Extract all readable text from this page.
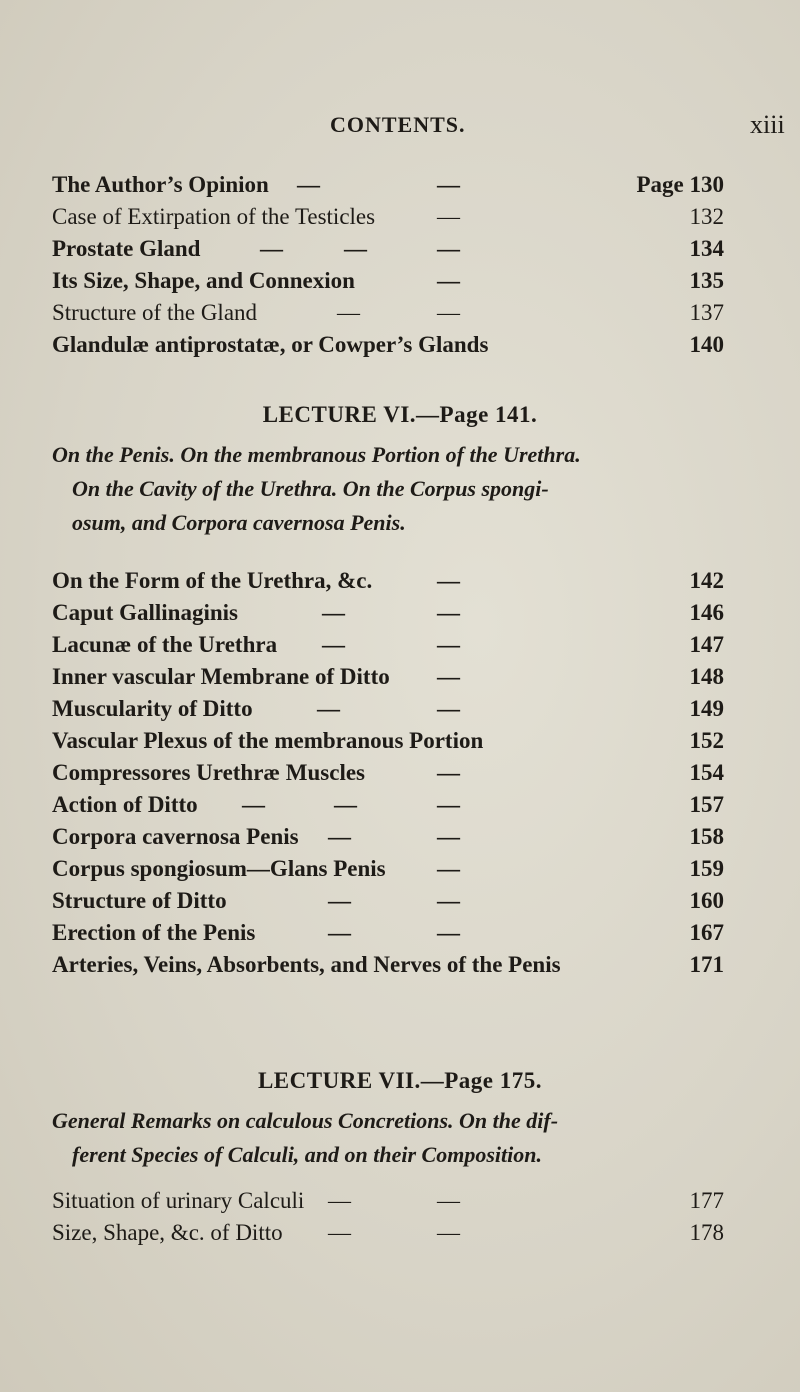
CONTENTS.	xiii
The Author’s Opinion —	—	Page 130
Case of Extirpation of the Testicles	—	132
Prostate Gland	—	—	—	134
Its Size, Shape, and Connexion	—	135
Structure of the Gland	—	—	137
Glandulæ antiprostatæ, or Cowper’s Glands	140
LECTURE VI.—Page 141.
On the Penis. On the membranous Portion of the Urethra.
On the Cavity of the Urethra. On the Corpus spongi-
osum, and Corpora cavernosa Penis.
On the Form of the Urethra, &c.	—	142
Caput Gallinaginis	—	—	146
Lacunæ of the Urethra —	—	147
Inner vascular Membrane of Ditto —	148
Muscularity of Ditto	—	—	149
Vascular Plexus of the membranous Portion	152
Compressores Urethræ Muscles	—	154
Action of Ditto —	—	—	157
Corpora cavernosa Penis —	—	158
Corpus spongiosum—Glans Penis —	159
Structure of Ditto	—	—	160
Erection of the Penis	—	—	167
Arteries, Veins, Absorbents, and Nerves of the Penis	171
LECTURE VII.—Page 175.
General Remarks on calculous Concretions. On the dif-
ferent Species of Calculi, and on their Composition.
Situation of urinary Calculi —	—	177
Size, Shape, &c. of Ditto —	—	178
